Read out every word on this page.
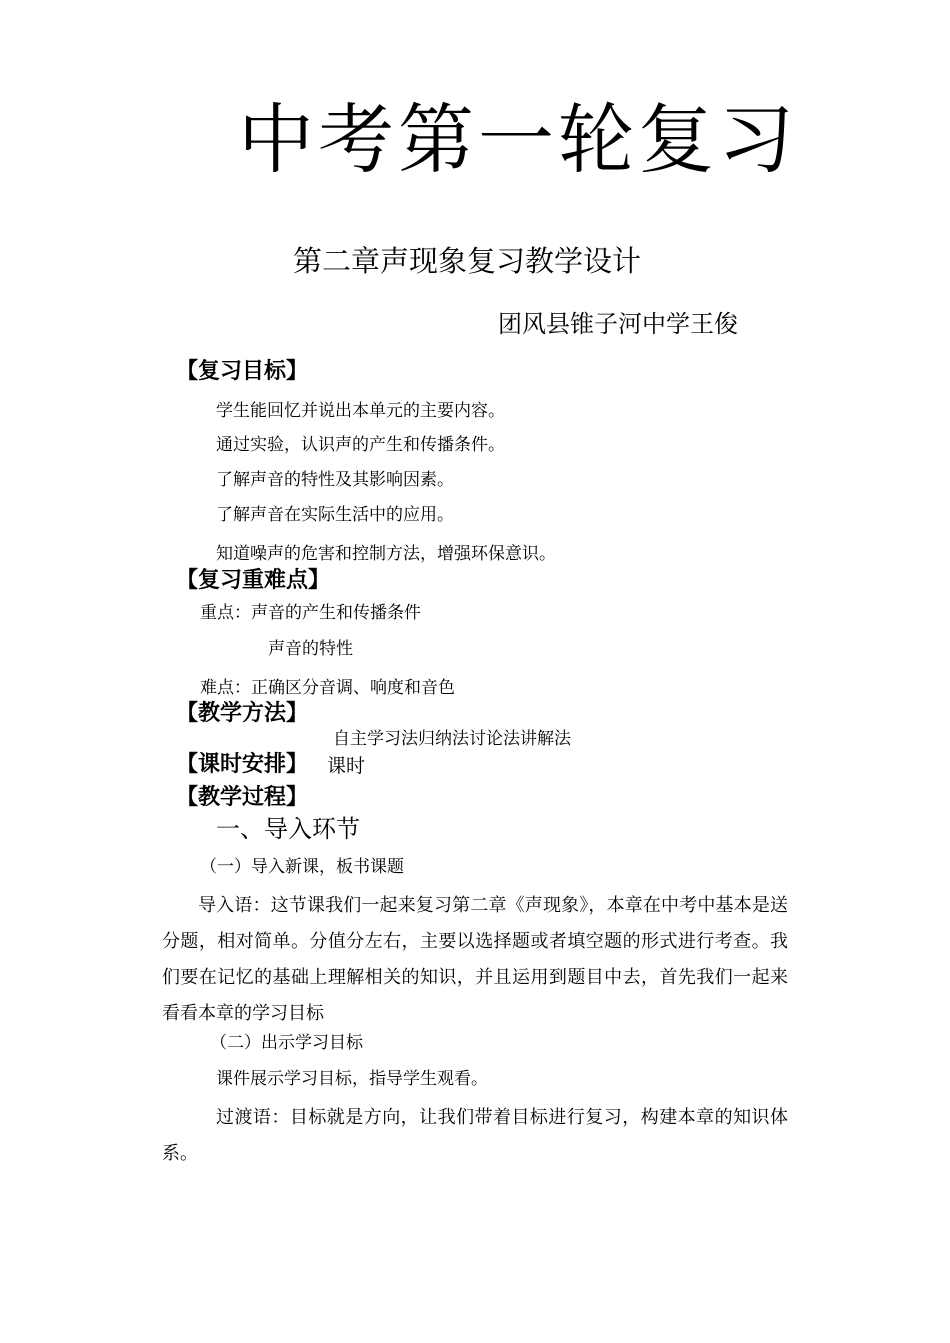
中考第一轮复习
第二章声现象复习教学设计
团风县锥子河中学王俊
【复习目标】
学生能回忆并说出本单元的主要内容。
通过实验，认识声的产生和传播条件。
了解声音的特性及其影响因素。
了解声音在实际生活中的应用。
知道噪声的危害和控制方法，增强环保意识。
【复习重难点】
重点：声音的产生和传播条件
声音的特性
难点：正确区分音调、响度和音色
【教学方法】
自主学习法归纳法讨论法讲解法
【课时安排】 课时
【教学过程】
一、导入环节
（一）导入新课，板书课题
导入语：这节课我们一起来复习第二章《声现象》，本章在中考中基本是送分题，相对简单。分值分左右，主要以选择题或者填空题的形式进行考查。我们要在记忆的基础上理解相关的知识，并且运用到题目中去，首先我们一起来看看本章的学习目标
（二）出示学习目标
课件展示学习目标，指导学生观看。
过渡语：目标就是方向，让我们带着目标进行复习，构建本章的知识体系。
